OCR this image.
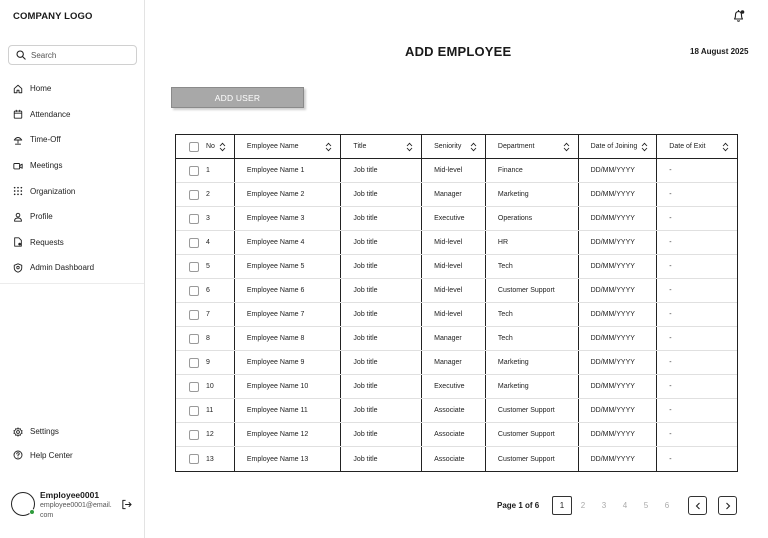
COMPANY LOGO
Search
Home
Attendance
Time-Off
Meetings
Organization
Profile
Requests
Admin Dashboard
Settings
Help Center
Employee0001
employee0001@email.com
ADD EMPLOYEE	18 August 2025
ADD USER
No	Employee Name	Title	Seniority	Department	Date of Joining	Date of Exit
1	Employee Name 1	Job title	Mid-level	Finance	DD/MM/YYYY	-
2	Employee Name 2	Job title	Manager	Marketing	DD/MM/YYYY	-
3	Employee Name 3	Job title	Executive	Operations	DD/MM/YYYY	-
4	Employee Name 4	Job title	Mid-level	HR	DD/MM/YYYY	-
5	Employee Name 5	Job title	Mid-level	Tech	DD/MM/YYYY	-
6	Employee Name 6	Job title	Mid-level	Customer Support	DD/MM/YYYY	-
7	Employee Name 7	Job title	Mid-level	Tech	DD/MM/YYYY	-
8	Employee Name 8	Job title	Manager	Tech	DD/MM/YYYY	-
9	Employee Name 9	Job title	Manager	Marketing	DD/MM/YYYY	-
10	Employee Name 10	Job title	Executive	Marketing	DD/MM/YYYY	-
11	Employee Name 11	Job title	Associate	Customer Support	DD/MM/YYYY	-
12	Employee Name 12	Job title	Associate	Customer Support	DD/MM/YYYY	-
13	Employee Name 13	Job title	Associate	Customer Support	DD/MM/YYYY	-
Page 1 of 6	1	2	3	4	5	6
